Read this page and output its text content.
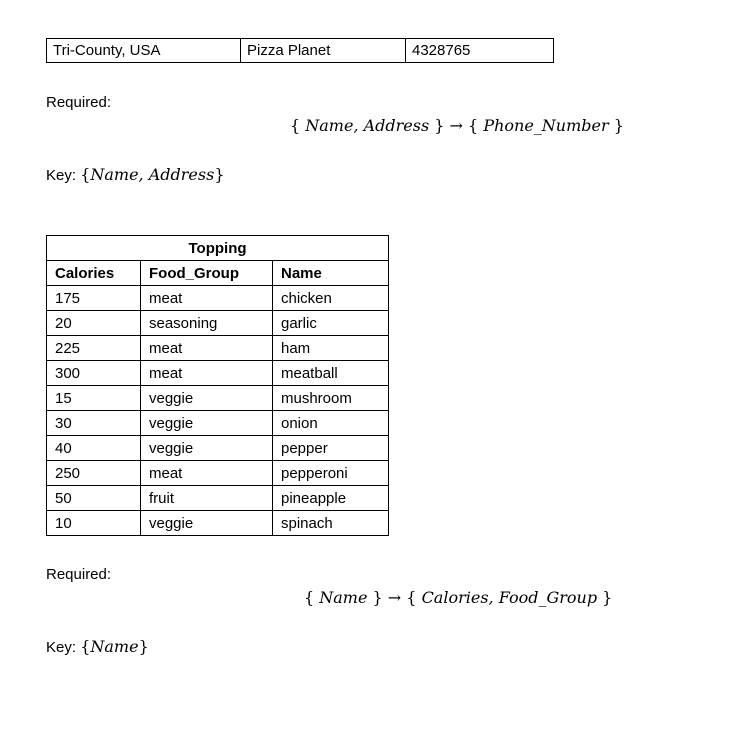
Tri-County, USA	Pizza Planet	4328765
Required:
{ Name, Address } → { Phone_Number }
Key: {Name, Address}
Topping		
Calories	Food_Group	Name
175	meat	chicken
20	seasoning	garlic
225	meat	ham
300	meat	meatball
15	veggie	mushroom
30	veggie	onion
40	veggie	pepper
250	meat	pepperoni
50	fruit	pineapple
10	veggie	spinach
Required:
{ Name } → { Calories, Food_Group }
Key: {Name}
